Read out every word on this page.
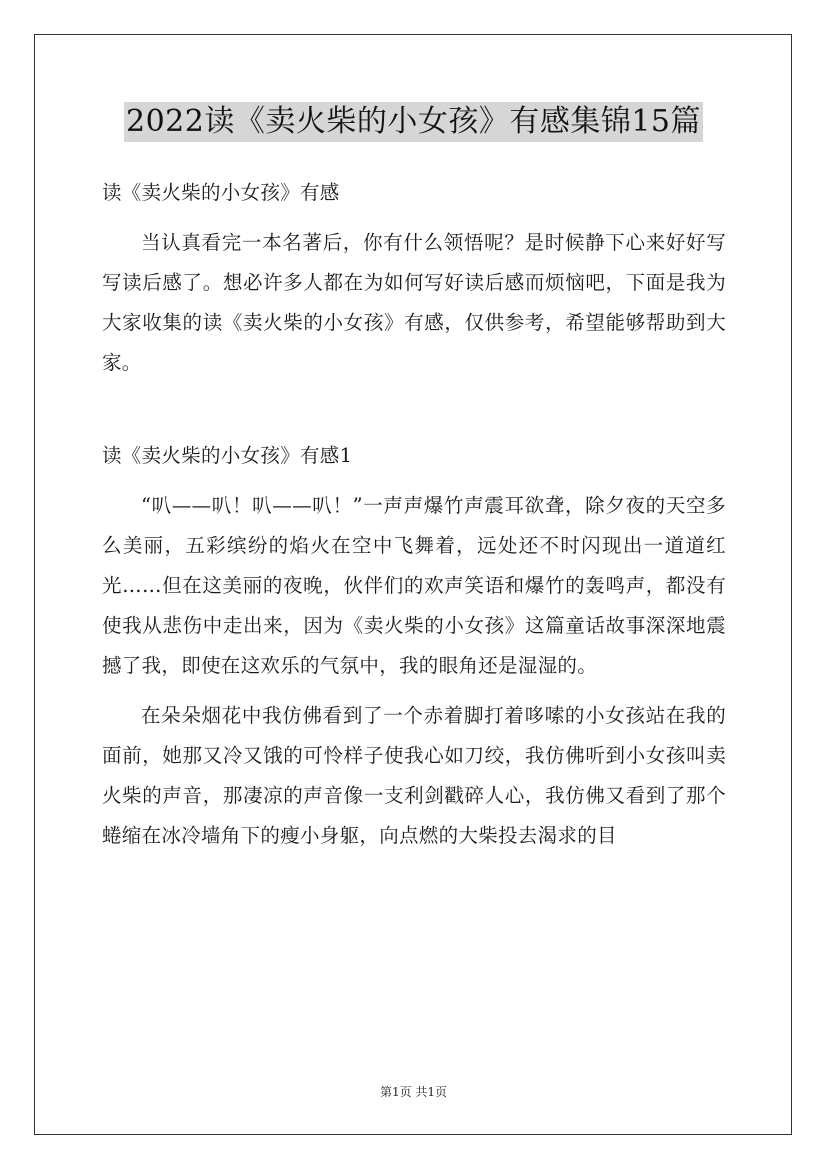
2022读《卖火柴的小女孩》有感集锦15篇

读《卖火柴的小女孩》有感

当认真看完一本名著后，你有什么领悟呢？是时候静下心来好好写写读后感了。想必许多人都在为如何写好读后感而烦恼吧，下面是我为大家收集的读《卖火柴的小女孩》有感，仅供参考，希望能够帮助到大家。

读《卖火柴的小女孩》有感1

“叭——叭！叭——叭！”一声声爆竹声震耳欲聋，除夕夜的天空多么美丽，五彩缤纷的焰火在空中飞舞着，远处还不时闪现出一道道红光……但在这美丽的夜晚，伙伴们的欢声笑语和爆竹的轰鸣声，都没有使我从悲伤中走出来，因为《卖火柴的小女孩》这篇童话故事深深地震撼了我，即使在这欢乐的气氛中，我的眼角还是湿湿的。

在朵朵烟花中我仿佛看到了一个赤着脚打着哆嗦的小女孩站在我的面前，她那又冷又饿的可怜样子使我心如刀绞，我仿佛听到小女孩叫卖火柴的声音，那凄凉的声音像一支利剑戳碎人心，我仿佛又看到了那个蜷缩在冰冷墙角下的瘦小身躯，向点燃的大柴投去渴求的目

第1页 共1页
